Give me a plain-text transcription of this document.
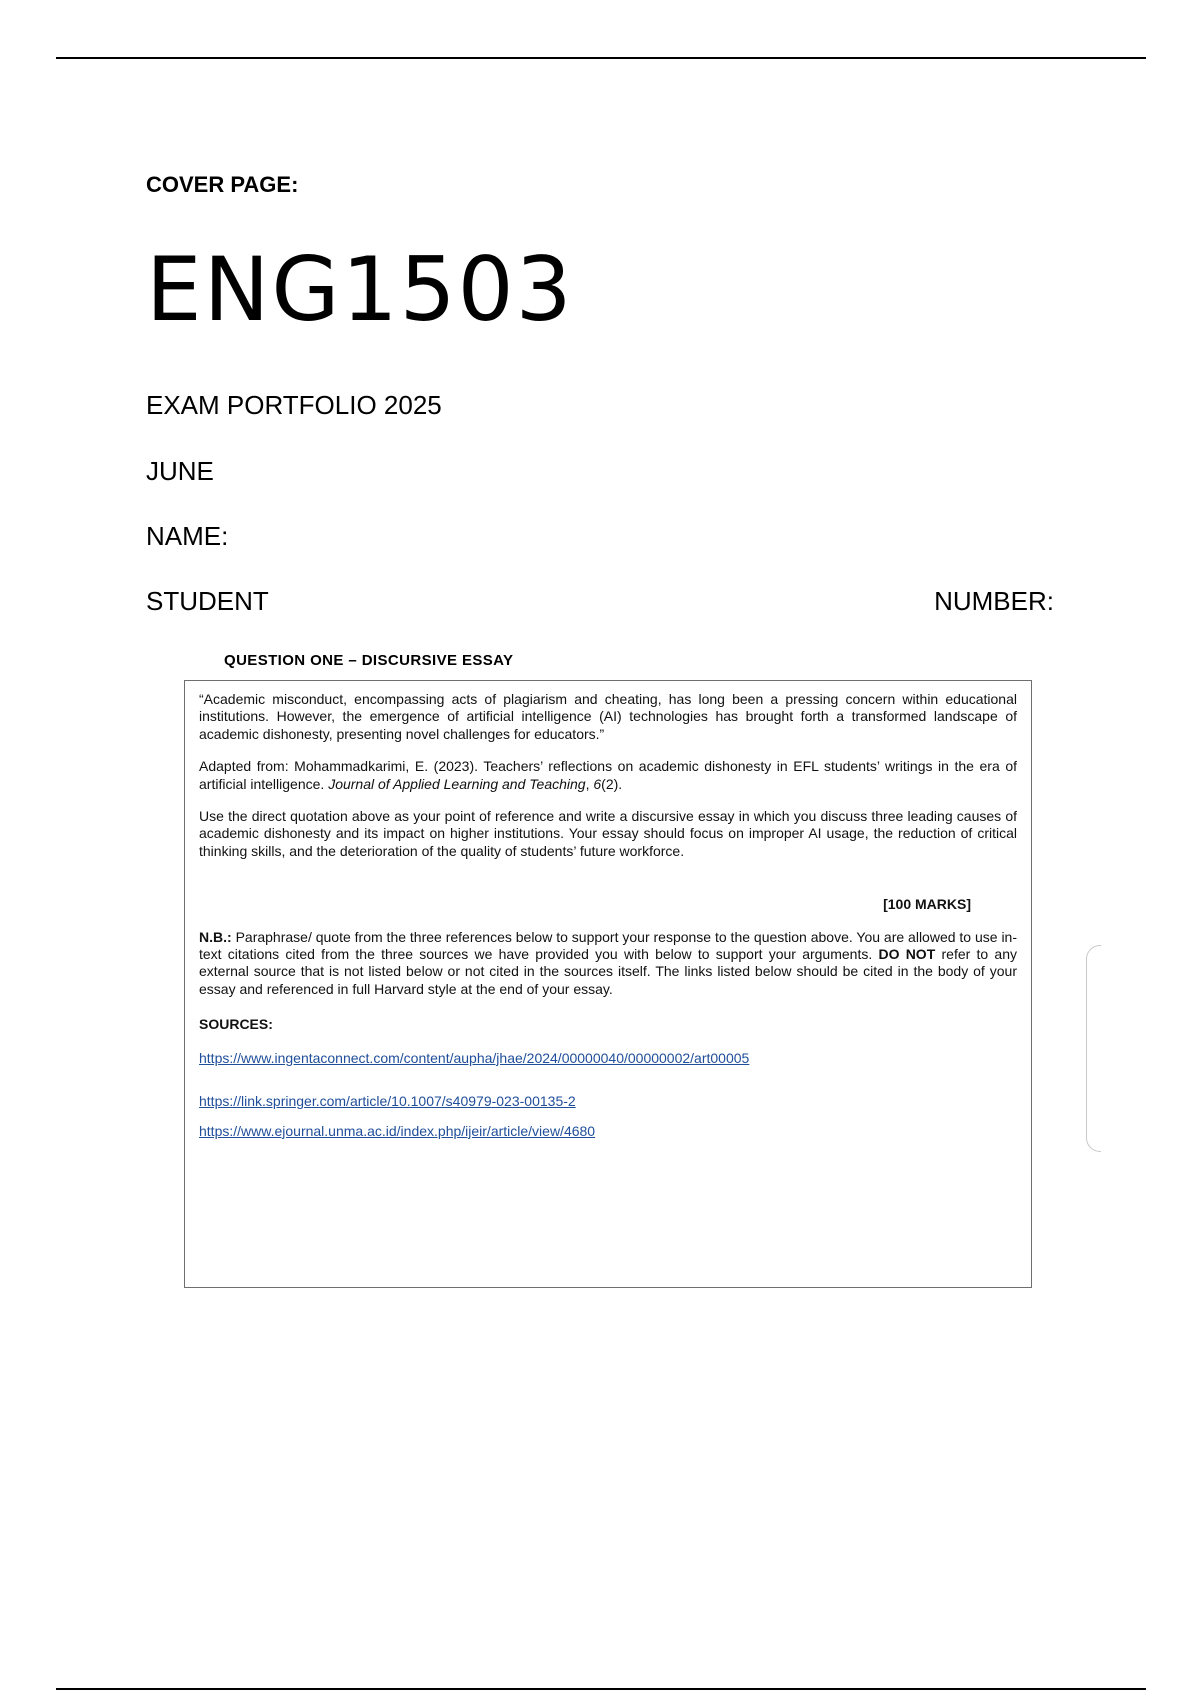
COVER PAGE:
ENG1503
EXAM PORTFOLIO 2025
JUNE
NAME:
STUDENT	NUMBER:
QUESTION ONE – DISCURSIVE ESSAY

“Academic misconduct, encompassing acts of plagiarism and cheating, has long been a pressing concern within educational institutions. However, the emergence of artificial intelligence (AI) technologies has brought forth a transformed landscape of academic dishonesty, presenting novel challenges for educators.”

Adapted from: Mohammadkarimi, E. (2023). Teachers’ reflections on academic dishonesty in EFL students’ writings in the era of artificial intelligence. Journal of Applied Learning and Teaching, 6(2).

Use the direct quotation above as your point of reference and write a discursive essay in which you discuss three leading causes of academic dishonesty and its impact on higher institutions. Your essay should focus on improper AI usage, the reduction of critical thinking skills, and the deterioration of the quality of students’ future workforce.

[100 MARKS]

N.B.: Paraphrase/ quote from the three references below to support your response to the question above. You are allowed to use in-text citations cited from the three sources we have provided you with below to support your arguments. DO NOT refer to any external source that is not listed below or not cited in the sources itself. The links listed below should be cited in the body of your essay and referenced in full Harvard style at the end of your essay.

SOURCES:
https://www.ingentaconnect.com/content/aupha/jhae/2024/00000040/00000002/art00005
https://link.springer.com/article/10.1007/s40979-023-00135-2
https://www.ejournal.unma.ac.id/index.php/ijeir/article/view/4680
